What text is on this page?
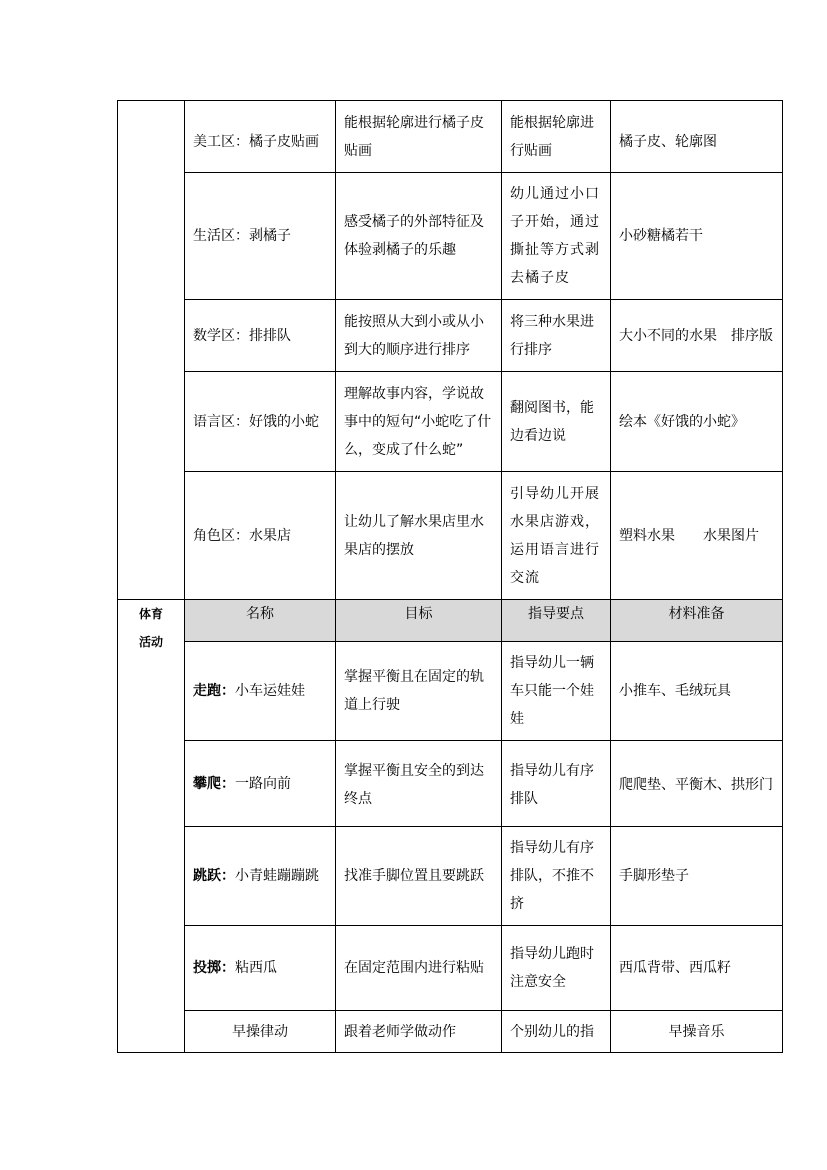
	美工区：橘子皮贴画	能根据轮廓进行橘子皮贴画	能根据轮廓进行贴画	橘子皮、轮廓图
	生活区：剥橘子	感受橘子的外部特征及体验剥橘子的乐趣	幼儿通过小口子开始，通过撕扯等方式剥去橘子皮	小砂糖橘若干
	数学区：排排队	能按照从大到小或从小到大的顺序进行排序	将三种水果进行排序	大小不同的水果　排序版
	语言区：好饿的小蛇	理解故事内容，学说故事中的短句“小蛇吃了什么，变成了什么蛇”	翻阅图书，能边看边说	绘本《好饿的小蛇》
	角色区：水果店	让幼儿了解水果店里水果店的摆放	引导幼儿开展水果店游戏，运用语言进行交流	塑料水果　　水果图片

体育
活动	名称	目标	指导要点	材料准备
	走跑：小车运娃娃	掌握平衡且在固定的轨道上行驶	指导幼儿一辆车只能一个娃娃	小推车、毛绒玩具
	攀爬：一路向前	掌握平衡且安全的到达终点	指导幼儿有序排队	爬爬垫、平衡木、拱形门
	跳跃：小青蛙蹦蹦跳	找准手脚位置且要跳跃	指导幼儿有序排队，不推不挤	手脚形垫子
	投掷：粘西瓜	在固定范围内进行粘贴	指导幼儿跑时注意安全	西瓜背带、西瓜籽
	早操律动	跟着老师学做动作	个别幼儿的指	早操音乐
